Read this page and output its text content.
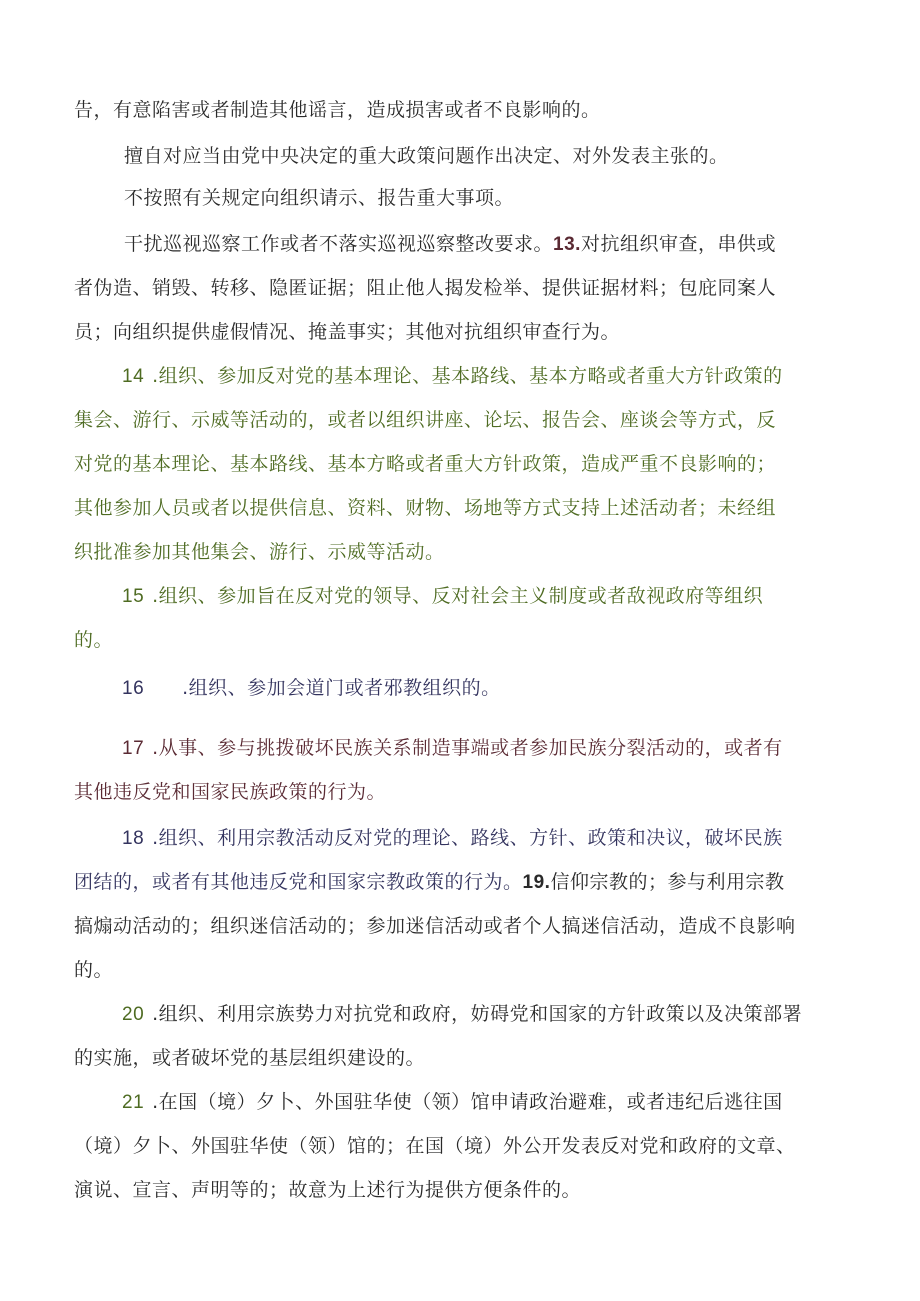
告，有意陷害或者制造其他谣言，造成损害或者不良影响的。
擅自对应当由党中央决定的重大政策问题作出决定、对外发表主张的。
不按照有关规定向组织请示、报告重大事项。
干扰巡视巡察工作或者不落实巡视巡察整改要求。13.对抗组织审查，串供或
者伪造、销毁、转移、隐匿证据；阻止他人揭发检举、提供证据材料；包庇同案人
员；向组织提供虚假情况、掩盖事实；其他对抗组织审查行为。
14 .组织、参加反对党的基本理论、基本路线、基本方略或者重大方针政策的
集会、游行、示威等活动的，或者以组织讲座、论坛、报告会、座谈会等方式，反
对党的基本理论、基本路线、基本方略或者重大方针政策，造成严重不良影响的；
其他参加人员或者以提供信息、资料、财物、场地等方式支持上述活动者；未经组
织批准参加其他集会、游行、示威等活动。
15 .组织、参加旨在反对党的领导、反对社会主义制度或者敌视政府等组织
的。
16 .组织、参加会道门或者邪教组织的。
17 .从事、参与挑拨破坏民族关系制造事端或者参加民族分裂活动的，或者有
其他违反党和国家民族政策的行为。
18 .组织、利用宗教活动反对党的理论、路线、方针、政策和决议，破坏民族
团结的，或者有其他违反党和国家宗教政策的行为。19.信仰宗教的；参与利用宗教
搞煽动活动的；组织迷信活动的；参加迷信活动或者个人搞迷信活动，造成不良影响
的。
20 .组织、利用宗族势力对抗党和政府，妨碍党和国家的方针政策以及决策部署
的实施，或者破坏党的基层组织建设的。
21 .在国（境）夕卜、外国驻华使（领）馆申请政治避难，或者违纪后逃往国
（境）夕卜、外国驻华使（领）馆的；在国（境）外公开发表反对党和政府的文章、
演说、宣言、声明等的；故意为上述行为提供方便条件的。
